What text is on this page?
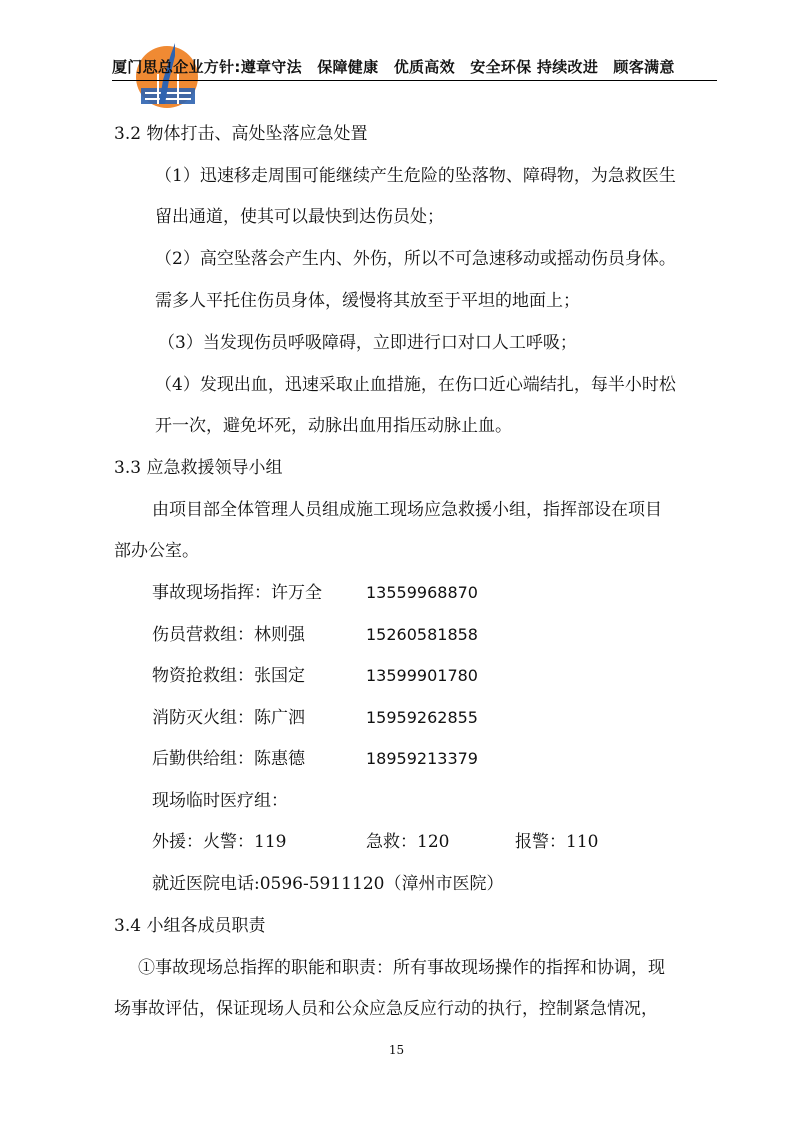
厦门思总企业方针:遵章守法　保障健康　优质高效　安全环保 持续改进　顾客满意
3.2 物体打击、高处坠落应急处置
（1）迅速移走周围可能继续产生危险的坠落物、障碍物，为急救医生
留出通道，使其可以最快到达伤员处；
（2）高空坠落会产生内、外伤，所以不可急速移动或摇动伤员身体。
需多人平托住伤员身体，缓慢将其放至于平坦的地面上；
（3）当发现伤员呼吸障碍，立即进行口对口人工呼吸；
（4）发现出血，迅速采取止血措施，在伤口近心端结扎，每半小时松
开一次，避免坏死，动脉出血用指压动脉止血。
3.3 应急救援领导小组
由项目部全体管理人员组成施工现场应急救援小组，指挥部设在项目
部办公室。
事故现场指挥：许万全	13559968870
伤员营救组：林则强	15260581858
物资抢救组：张国定	13599901780
消防灭火组：陈广泗	15959262855
后勤供给组：陈惠德	18959213379
现场临时医疗组：
外援：火警：119	急救：120	报警：110
就近医院电话:0596-5911120（漳州市医院）
3.4 小组各成员职责
①事故现场总指挥的职能和职责：所有事故现场操作的指挥和协调，现
场事故评估，保证现场人员和公众应急反应行动的执行，控制紧急情况，
15
